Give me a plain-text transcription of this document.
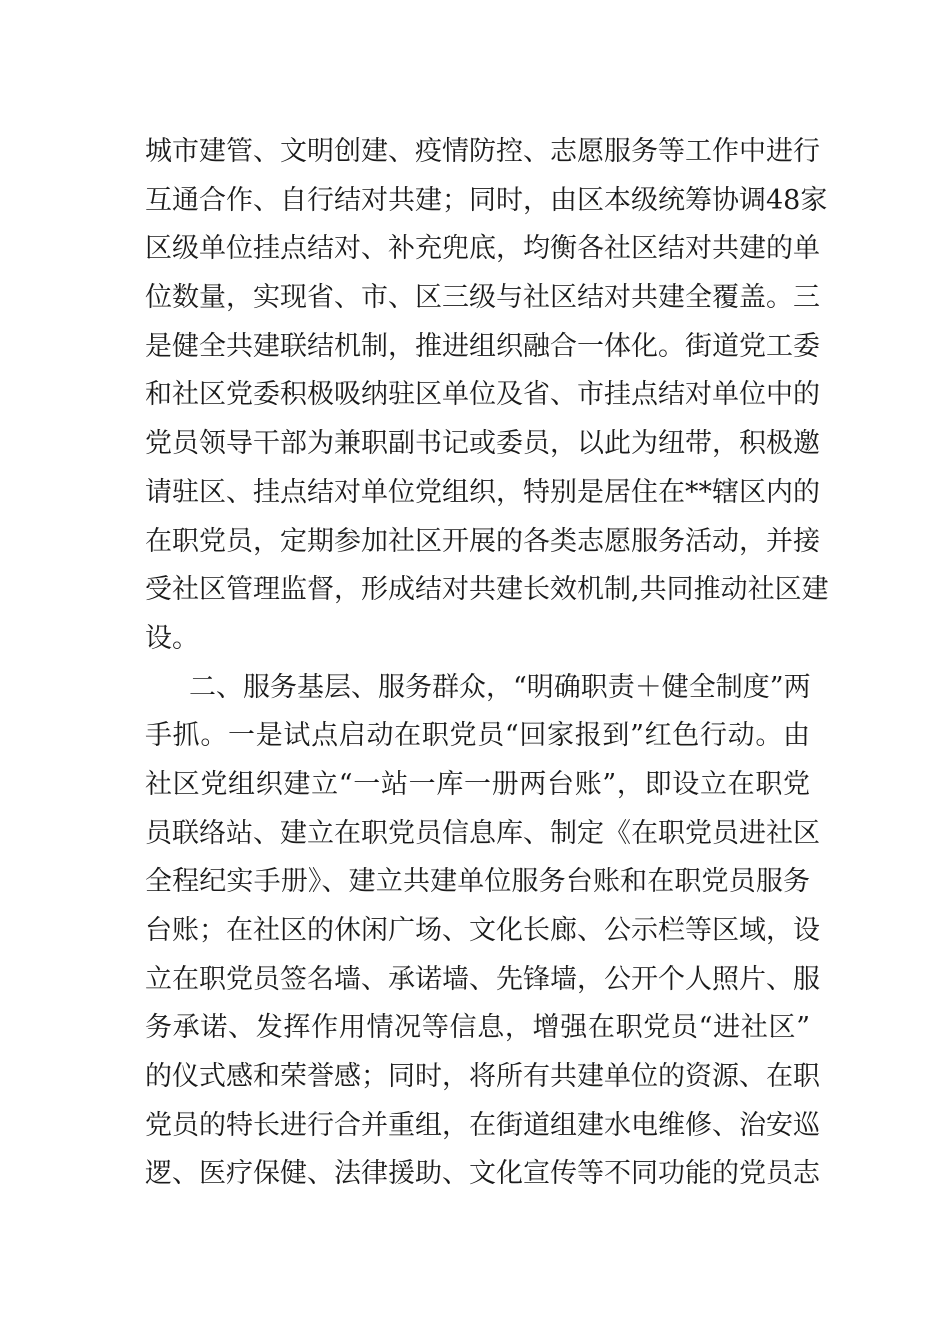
城市建管、文明创建、疫情防控、志愿服务等工作中进行
互通合作、自行结对共建；同时，由区本级统筹协调48家
区级单位挂点结对、补充兜底，均衡各社区结对共建的单
位数量，实现省、市、区三级与社区结对共建全覆盖。三
是健全共建联结机制，推进组织融合一体化。街道党工委
和社区党委积极吸纳驻区单位及省、市挂点结对单位中的
党员领导干部为兼职副书记或委员，以此为纽带，积极邀
请驻区、挂点结对单位党组织，特别是居住在**辖区内的
在职党员，定期参加社区开展的各类志愿服务活动，并接
受社区管理监督，形成结对共建长效机制,共同推动社区建
设。
二、服务基层、服务群众，“明确职责＋健全制度”两
手抓。一是试点启动在职党员“回家报到”红色行动。由
社区党组织建立“一站一库一册两台账”，即设立在职党
员联络站、建立在职党员信息库、制定《在职党员进社区
全程纪实手册》、建立共建单位服务台账和在职党员服务
台账；在社区的休闲广场、文化长廊、公示栏等区域，设
立在职党员签名墙、承诺墙、先锋墙，公开个人照片、服
务承诺、发挥作用情况等信息，增强在职党员“进社区”
的仪式感和荣誉感；同时，将所有共建单位的资源、在职
党员的特长进行合并重组，在街道组建水电维修、治安巡
逻、医疗保健、法律援助、文化宣传等不同功能的党员志
